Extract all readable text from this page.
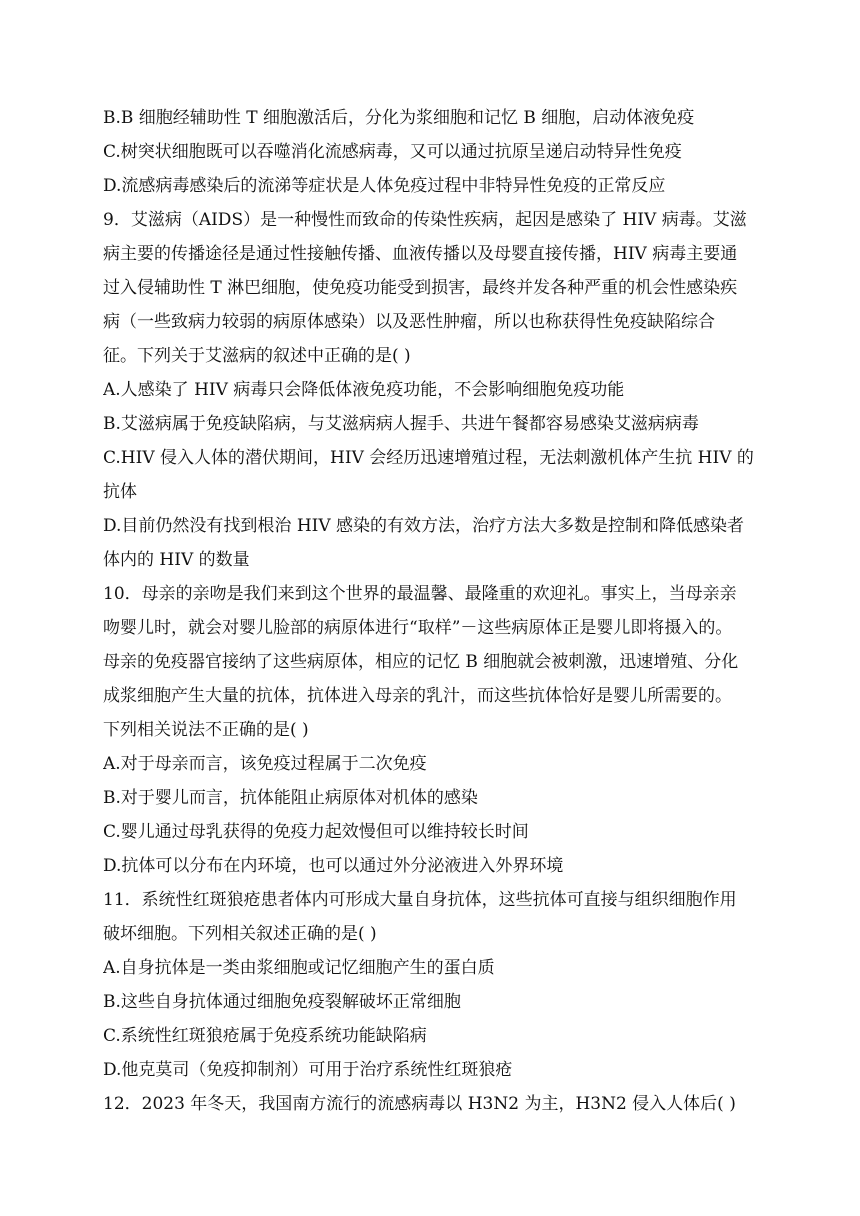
B.B 细胞经辅助性 T 细胞激活后，分化为浆细胞和记忆 B 细胞，启动体液免疫
C.树突状细胞既可以吞噬消化流感病毒，又可以通过抗原呈递启动特异性免疫
D.流感病毒感染后的流涕等症状是人体免疫过程中非特异性免疫的正常反应
9．艾滋病（AIDS）是一种慢性而致命的传染性疾病，起因是感染了 HIV 病毒。艾滋
病主要的传播途径是通过性接触传播、血液传播以及母婴直接传播，HIV 病毒主要通
过入侵辅助性 T 淋巴细胞，使免疫功能受到损害，最终并发各种严重的机会性感染疾
病（一些致病力较弱的病原体感染）以及恶性肿瘤，所以也称获得性免疫缺陷综合
征。下列关于艾滋病的叙述中正确的是( )
A.人感染了 HIV 病毒只会降低体液免疫功能，不会影响细胞免疫功能
B.艾滋病属于免疫缺陷病，与艾滋病病人握手、共进午餐都容易感染艾滋病病毒
C.HIV 侵入人体的潜伏期间，HIV 会经历迅速增殖过程，无法刺激机体产生抗 HIV 的
抗体
D.目前仍然没有找到根治 HIV 感染的有效方法，治疗方法大多数是控制和降低感染者
体内的 HIV 的数量
10．母亲的亲吻是我们来到这个世界的最温馨、最隆重的欢迎礼。事实上，当母亲亲
吻婴儿时，就会对婴儿脸部的病原体进行“取样”－这些病原体正是婴儿即将摄入的。
母亲的免疫器官接纳了这些病原体，相应的记忆 B 细胞就会被刺激，迅速增殖、分化
成浆细胞产生大量的抗体，抗体进入母亲的乳汁，而这些抗体恰好是婴儿所需要的。
下列相关说法不正确的是( )
A.对于母亲而言，该免疫过程属于二次免疫
B.对于婴儿而言，抗体能阻止病原体对机体的感染
C.婴儿通过母乳获得的免疫力起效慢但可以维持较长时间
D.抗体可以分布在内环境，也可以通过外分泌液进入外界环境
11．系统性红斑狼疮患者体内可形成大量自身抗体，这些抗体可直接与组织细胞作用
破坏细胞。下列相关叙述正确的是( )
A.自身抗体是一类由浆细胞或记忆细胞产生的蛋白质
B.这些自身抗体通过细胞免疫裂解破坏正常细胞
C.系统性红斑狼疮属于免疫系统功能缺陷病
D.他克莫司（免疫抑制剂）可用于治疗系统性红斑狼疮
12．2023 年冬天，我国南方流行的流感病毒以 H3N2 为主，H3N2 侵入人体后( )
